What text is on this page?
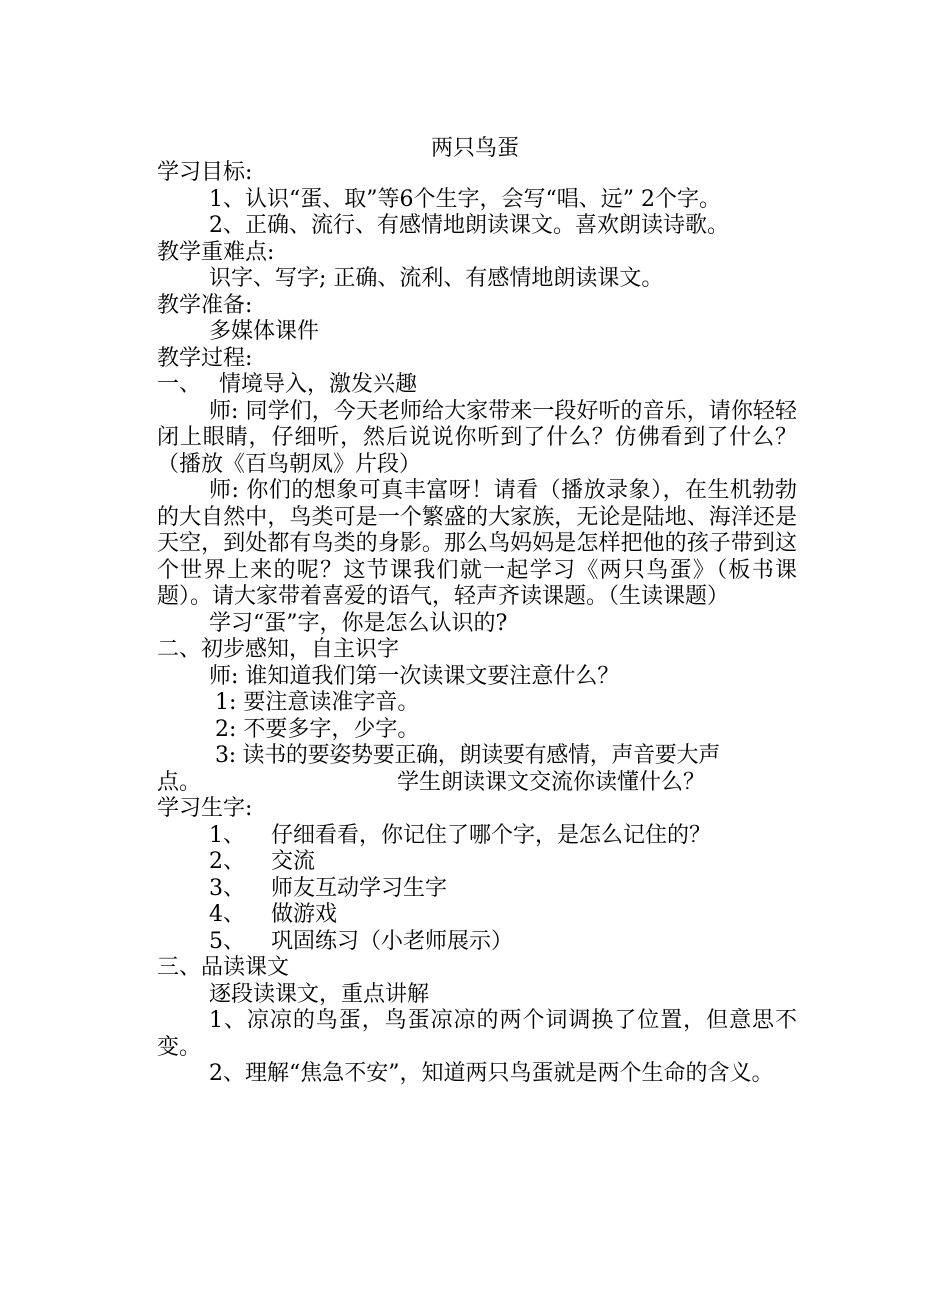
两只鸟蛋

学习目标:

1、认识“蛋、取”等6个生字，会写“唱、远” 2个字。

2、正确、流行、有感情地朗读课文。喜欢朗读诗歌。

教学重难点:

识字、写字; 正确、流利、有感情地朗读课文。

教学准备:

多媒体课件

教学过程:

一、 情境导入，激发兴趣

师: 同学们，今天老师给大家带来一段好听的音乐，请你轻轻闭上眼睛，仔细听，然后说说你听到了什么？仿佛看到了什么？（播放《百鸟朝凤》片段）

师: 你们的想象可真丰富呀！请看（播放录象），在生机勃勃的大自然中，鸟类可是一个繁盛的大家族，无论是陆地、海洋还是天空，到处都有鸟类的身影。那么鸟妈妈是怎样把他的孩子带到这个世界上来的呢？这节课我们就一起学习《两只鸟蛋》（板书课题）。请大家带着喜爱的语气，轻声齐读课题。（生读课题）

学习“蛋”字，你是怎么认识的?

二、初步感知，自主识字

师: 谁知道我们第一次读课文要注意什么？

1: 要注意读准字音。

2: 不要多字，少字。

3: 读书的要姿势要正确，朗读要有感情，声音要大声

点。	学生朗读课文交流你读懂什么？

学习生字:

1、 仔细看看，你记住了哪个字，是怎么记住的？

2、 交流

3、 师友互动学习生字

4、 做游戏

5、 巩固练习（小老师展示）

三、品读课文

逐段读课文，重点讲解

1、凉凉的鸟蛋，鸟蛋凉凉的两个词调换了位置，但意思不变。

2、理解“焦急不安”，知道两只鸟蛋就是两个生命的含义。
